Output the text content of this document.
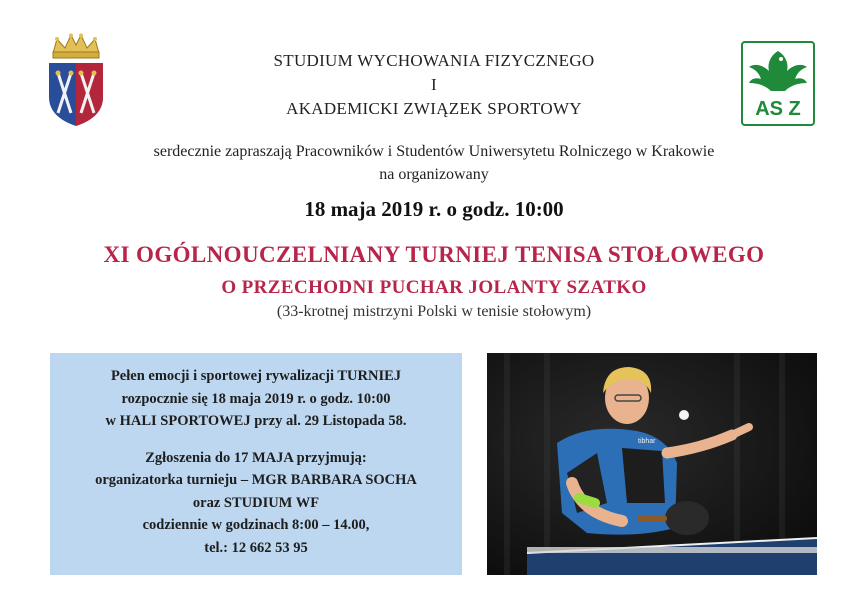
STUDIUM WYCHOWANIA FIZYCZNEGO
I
AKADEMICKI ZWIĄZEK SPORTOWY	AS Z
serdecznie zapraszają Pracowników i Studentów Uniwersytetu Rolniczego w Krakowie
na organizowany
18 maja 2019 r. o godz. 10:00
XI OGÓLNOUCZELNIANY TURNIEJ TENISA STOŁOWEGO
O PRZECHODNI PUCHAR JOLANTY SZATKO
(33-krotnej mistrzyni Polski w tenisie stołowym)
Pełen emocji i sportowej rywalizacji TURNIEJ
rozpocznie się 18 maja 2019 r. o godz. 10:00
w HALI SPORTOWEJ przy al. 29 Listopada 58.
Zgłoszenia do 17 MAJA przyjmują:
organizatorka turnieju – MGR BARBARA SOCHA
oraz STUDIUM WF
codziennie w godzinach 8:00 – 14.00,
tel.: 12 662 53 95
tibhar
